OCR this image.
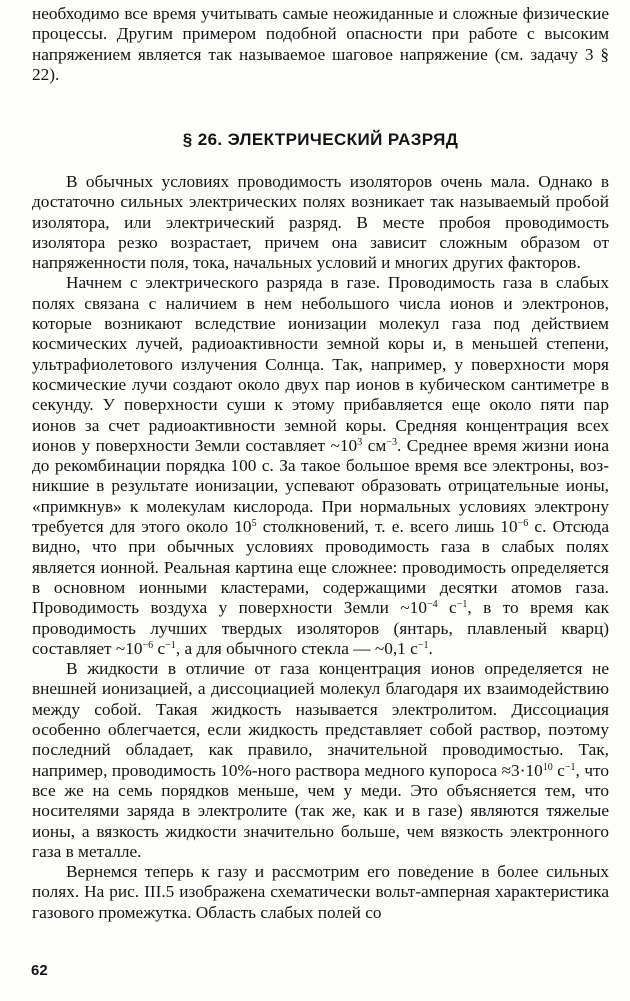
необходимо все время учитывать самые неожиданные и сложные физические процессы. Другим примером подобной опасности при работе с высоким напряжением является так называемое шаговое напряжение (см. задачу 3 § 22).

§ 26. ЭЛЕКТРИЧЕСКИЙ РАЗРЯД

В обычных условиях проводимость изоляторов очень мала. Однако в достаточно сильных электрических полях возникает так называемый пробой изолятора, или электрический разряд. В месте пробоя проводимость изолятора резко возрастает, причем она зависит сложным образом от напряженности поля, тока, начальных условий и многих других факторов.

Начнем с электрического разряда в газе. Проводимость газа в слабых полях связана с наличием в нем небольшого числа ионов и электронов, которые возникают вследствие ионизации молекул газа под действием космических лучей, радиоактивности земной коры и, в меньшей степени, ультрафиолетового излучения Солнца. Так, например, у поверхности моря космические лучи создают около двух пар ионов в кубическом сантиметре в секунду. У поверхности суши к этому прибавляется еще около пяти пар ионов за счет радиоактивности земной коры. Средняя концентрация всех ионов у поверхности Земли составляет $\sim 10^3$ $см^{-3}$. Среднее время жизни иона до рекомбинации порядка 100 с. За такое большое время все электроны, возникшие в результате ионизации, успевают образовать отрицательные ионы, «примкнув» к молекулам кислорода. При нормальных условиях электрону требуется для этого около $10^5$ столкновений, т. е. всего лишь $10^{-6}$ с. Отсюда видно, что при обычных условиях проводимость газа в слабых полях является ионной. Реальная картина еще сложнее: проводимость определяется в основном ионными кластерами, содержащими десятки атомов газа. Проводимость воздуха у поверхности Земли $\sim 10^{-4}$ $с^{-1}$, в то время как проводимость лучших твердых изоляторов (янтарь, плавленый кварц) составляет $\sim 10^{-6}$ $с^{-1}$, а для обычного стекла — ~0,1 $с^{-1}$.

В жидкости в отличие от газа концентрация ионов определяется не внешней ионизацией, а диссоциацией молекул благодаря их взаимодействию между собой. Такая жидкость называется электролитом. Диссоциация особенно облегчается, если жидкость представляет собой раствор, поэтому последний обладает, как правило, значительной проводимостью. Так, например, проводимость 10%-ного раствора медного купороса $\approx 3\cdot 10^{10}$ $с^{-1}$, что все же на семь порядков меньше, чем у меди. Это объясняется тем, что носителями заряда в электролите (так же, как и в газе) являются тяжелые ионы, а вязкость жидкости значительно больше, чем вязкость электронного газа в металле.

Вернемся теперь к газу и рассмотрим его поведение в более сильных полях. На рис. III.5 изображена схематически вольт-амперная характеристика газового промежутка. Область слабых полей со

62
